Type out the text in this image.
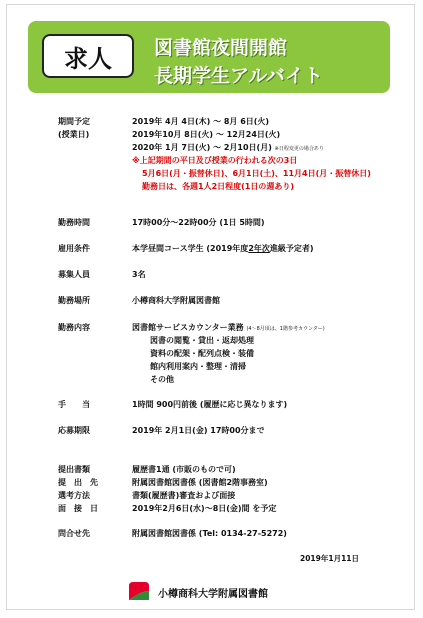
求人	図書館夜間開館
長期学生アルバイト
期間予定
(授業日)
2019年 4月 4日(木) ～ 8月 6日(火)
2019年10月 8日(火) ～ 12月24日(火)
2020年 1月 7日(火) ～ 2月10日(月) ※日程変更の場合あり
※上記期間の平日及び授業の行われる次の3日
5月6日(月・振替休日)、6月1日(土)、11月4日(月・振替休日)
勤務日は、各週1人2日程度(1日の週あり)
勤務時間	17時00分～22時00分 (1日 5時間)
雇用条件	本学昼間コース学生 (2019年度2年次進級予定者)
募集人員	3名
勤務場所	小樽商科大学附属図書館
勤務内容	図書館サービスカウンター業務 (4～8月頃は、1階参考カウンター)
図書の閲覧・貸出・返却処理
資料の配架・配列点検・装備
館内利用案内・整理・清掃
その他
手　　当	1時間 900円前後 (履歴に応じ異なります)
応募期限	2019年 2月1日(金) 17時00分まで
提出書類	履歴書1通 (市販のもので可)
提　出　先	附属図書館図書係 (図書館2階事務室)
選考方法	書類(履歴書)審査および面接
面　接　日	2019年2月6日(水)～8日(金)間 を予定
問合せ先	附属図書館図書係 (Tel: 0134-27-5272)
2019年1月11日
小樽商科大学附属図書館
